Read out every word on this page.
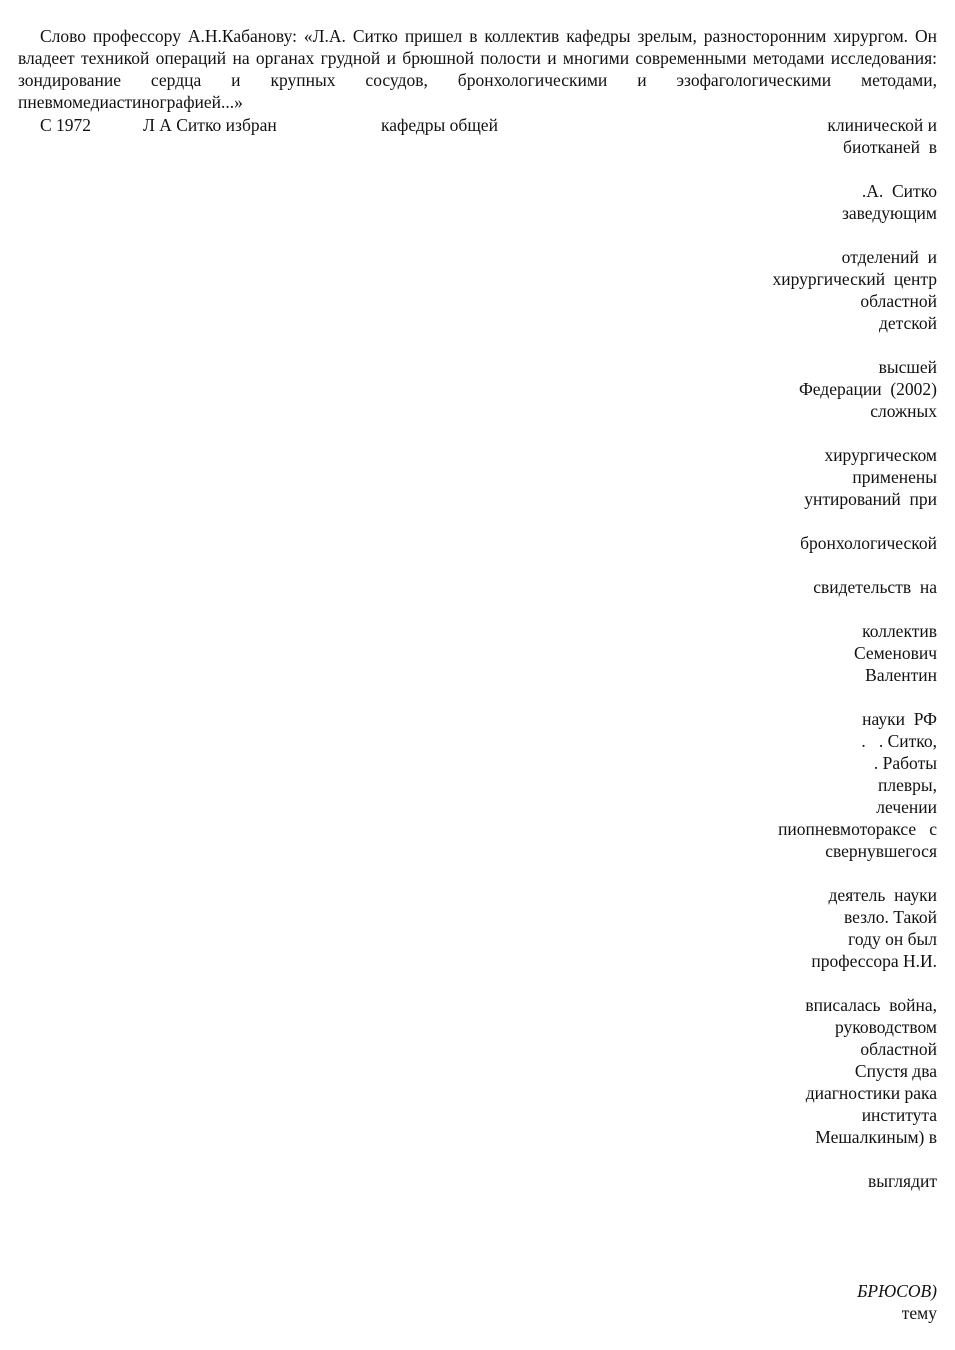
Слово профессору А.Н.Кабанову: «Л.А. Ситко пришел в коллектив кафедры зрелым, разносторонним хирургом. Он владеет техникой операций на органах грудной и брюшной полости и многими современными методами исследования: зондирование сердца и крупных сосудов, бронхологическими и эзофагологическими методами, пневмомедиастинографией...»

С 1972	Л А Ситко избран	кафедры общей	клинической и
биотканей  в
.А.  Ситко
заведующим
отделений  и
хирургический  центр
областной
детской
высшей
Федерации  (2002)
сложных
хирургическом
применены
унтирований  при
бронхологической
свидетельств  на
коллектив
Семенович
Валентин
науки  РФ
.   . Ситко,
. Работы
плевры,
лечении
пиопневмотораксе   с
свернувшегося
деятель  науки
везло. Такой
году он был
профессора Н.И.
вписалась  война,
руководством
областной
Спустя два
диагностики рака
института
Мешалкиным) в
выглядит
БРЮСОВ)
тему
